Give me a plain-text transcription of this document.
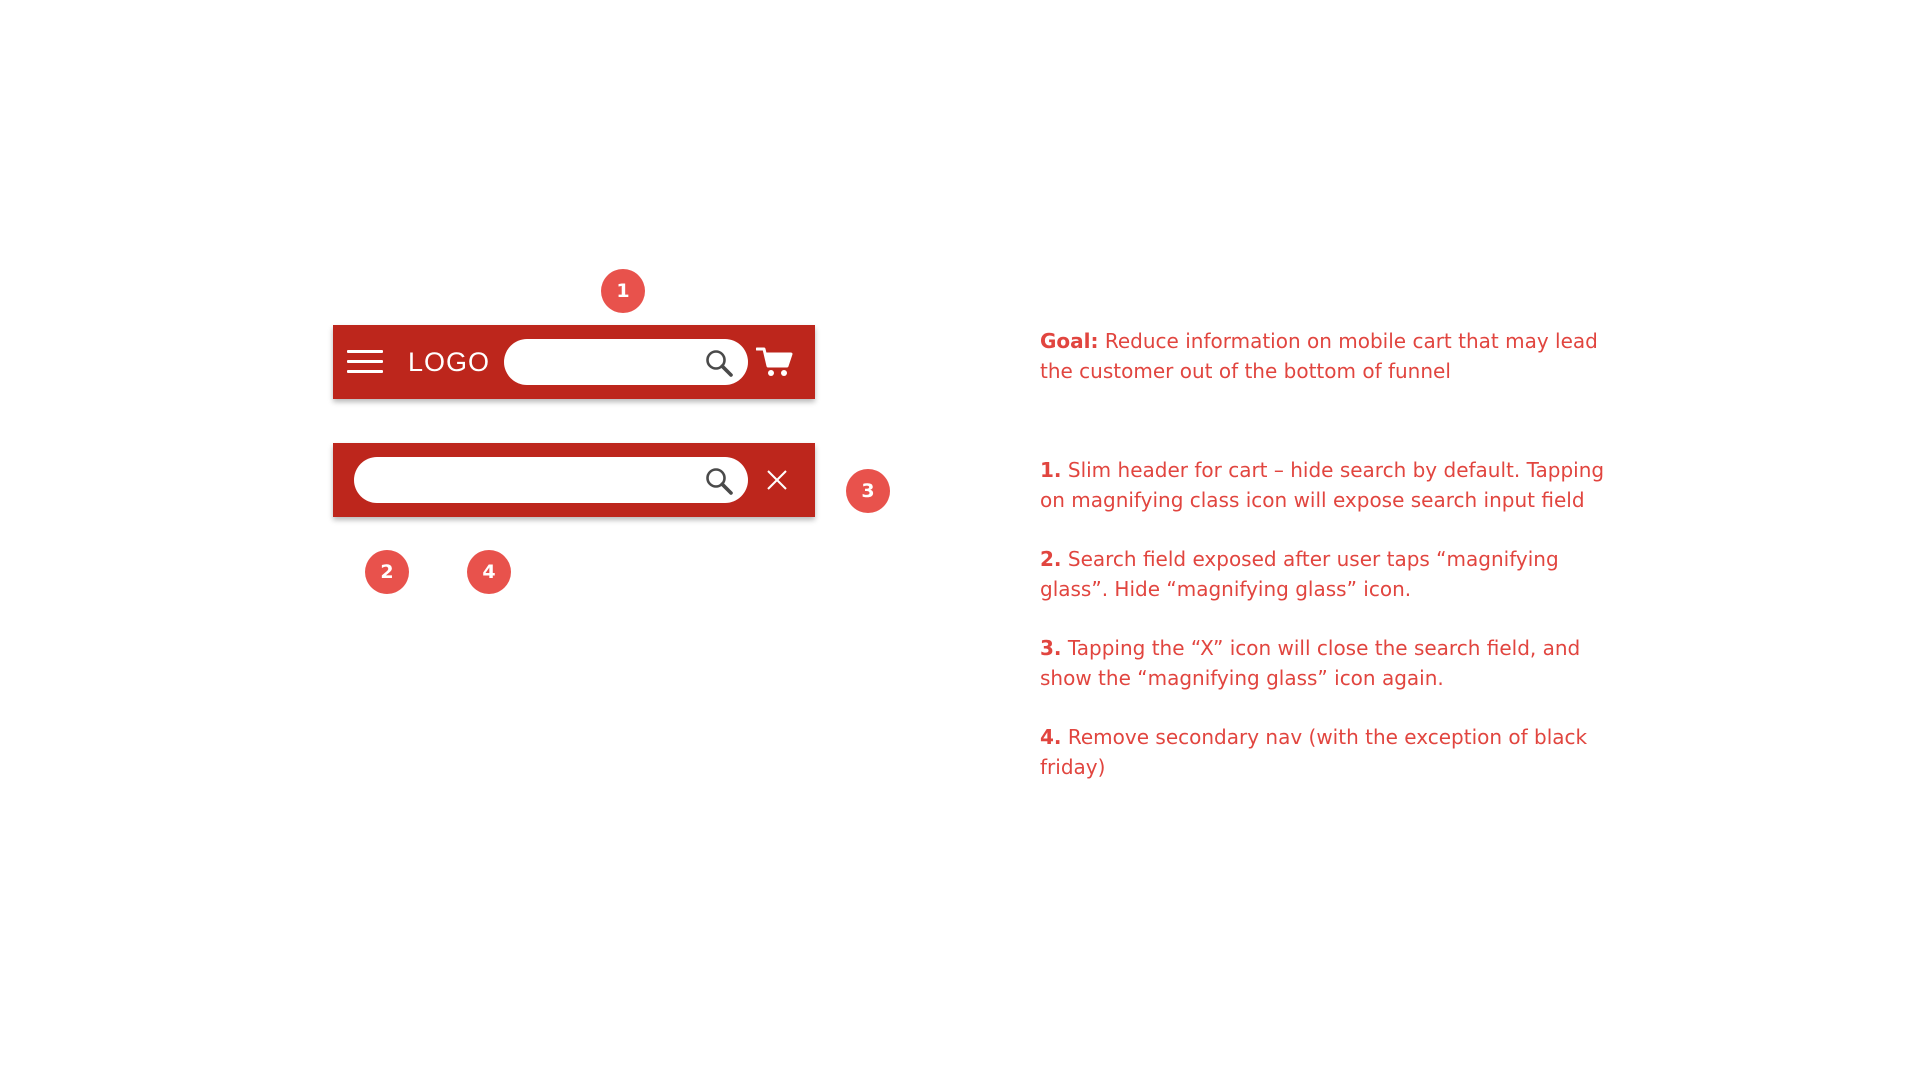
1
2
3
4
LOGO

Goal: Reduce information on mobile cart that may lead the customer out of the bottom of funnel

1. Slim header for cart – hide search by default. Tapping on magnifying class icon will expose search input field

2. Search field exposed after user taps “magnifying glass”. Hide “magnifying glass” icon.

3. Tapping the “X” icon will close the search field, and show the “magnifying glass” icon again.

4. Remove secondary nav (with the exception of black friday)
